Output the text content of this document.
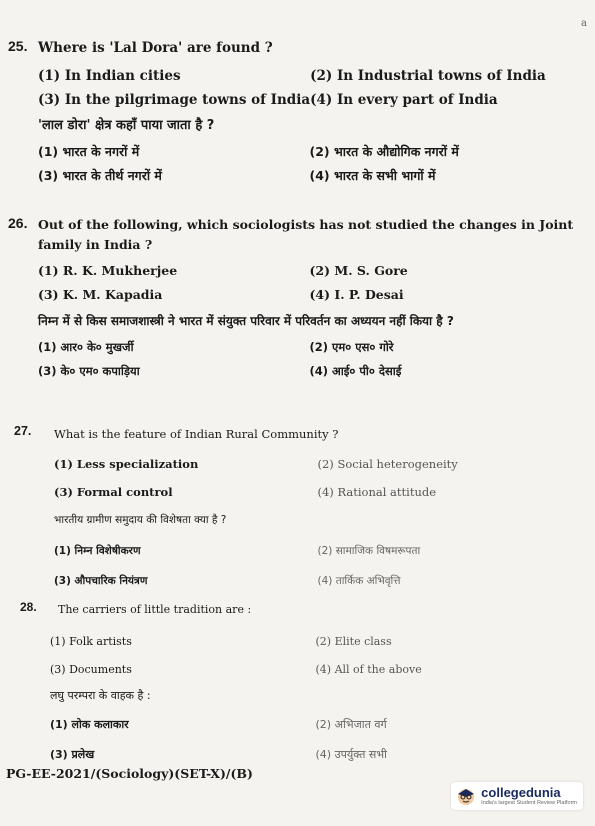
a
25. Where is 'Lal Dora' are found ?
(1) In Indian cities	(2) In Industrial towns of India
(3) In the pilgrimage towns of India (4) In every part of India
'लाल डोरा' क्षेत्र कहाँ पाया जाता है ?
(1) भारत के नगरों में	(2) भारत के औद्योगिक नगरों में
(3) भारत के तीर्थ नगरों में	(4) भारत के सभी भागों में
26. Out of the following, which sociologists has not studied the changes in Joint family in India ?
(1) R. K. Mukherjee	(2) M. S. Gore
(3) K. M. Kapadia	(4) I. P. Desai
निम्न में से किस समाजशास्त्री ने भारत में संयुक्त परिवार में परिवर्तन का अध्ययन नहीं किया है ?
(1) आर० के० मुखर्जी	(2) एम० एस० गोरे
(3) के० एम० कपाड़िया	(4) आई० पी० देसाई
27.	What is the feature of Indian Rural Community ?
(1) Less specialization	(2) Social heterogeneity
(3) Formal control	(4) Rational attitude
भारतीय ग्रामीण समुदाय की विशेषता क्या है ?
(1) निम्न विशेषीकरण	(2) सामाजिक विषमरूपता
(3) औपचारिक नियंत्रण	(4) तार्किक अभिवृत्ति
28.	The carriers of little tradition are :
(1) Folk artists	(2) Elite class
(3) Documents	(4) All of the above
लघु परम्परा के वाहक है :
(1) लोक कलाकार	(2) अभिजात वर्ग
(3) प्रलेख	(4) उपर्युक्त सभी
PG-EE-2021/(Sociology)(SET-X)/(B)
collegedunia
India's largest Student Review Platform
